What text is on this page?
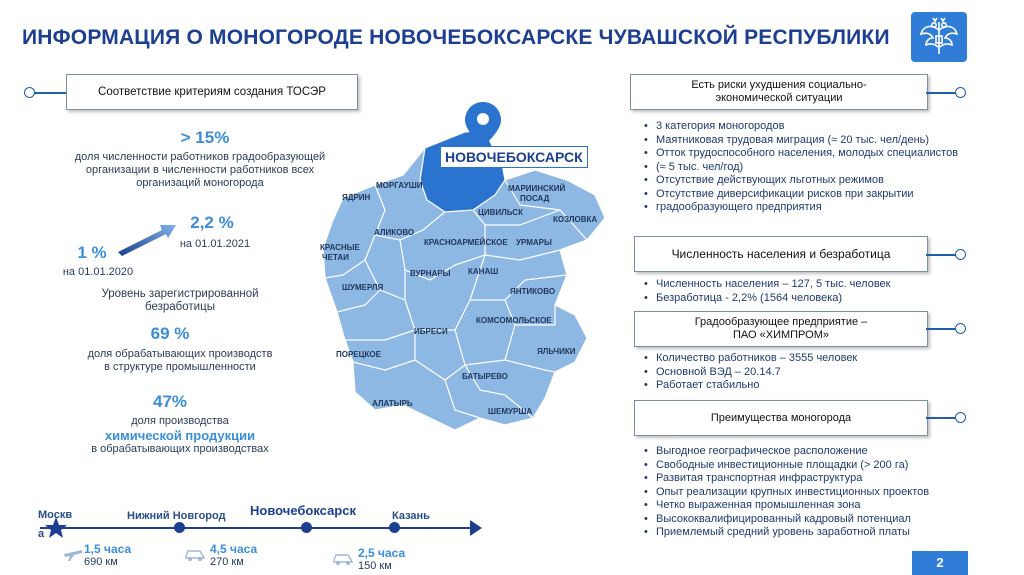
ИНФОРМАЦИЯ О МОНОГОРОДЕ НОВОЧЕБОКСАРСКЕ ЧУВАШСКОЙ РЕСПУБЛИКИ
Соответствие критериям создания ТОСЭР
> 15%
доля численности работников градообразующей
организации в численности работников всех
организаций моногорода
2,2 %
на 01.01.2021
1 %
на 01.01.2020
Уровень зарегистрированной
безработицы
69 %
доля обрабатывающих производств
в структуре промышленности
47%
доля производства
химической продукции
в обрабатывающих производствах
НОВОЧЕБОКСАРСК
МОРГАУШИ	МАРИИНСКИЙ
ПОСАД
ЯДРИН
ЦИВИЛЬСК
КОЗЛОВКА
АЛИКОВО
КРАСНОАРМЕЙСКОЕ УРМАРЫ
КРАСНЫЕ
ЧЕТАИ
ВУРНАРЫ КАНАШ
ШУМЕРЛЯ	ЯНТИКОВО
КОМСОМОЛЬСКОЕ
ИБРЕСИ
ПОРЕЦКОЕ	ЯЛЬЧИКИ
БАТЫРЕВО
АЛАТЫРЬ
ШЕМУРША
Есть риски ухудшения социально-
экономической ситуации
• 3 категория моногородов
• Маятниковая трудовая миграция (≈ 20 тыс. чел/день)
• Отток трудоспособного населения, молодых специалистов
• (≈ 5 тыс. чел/год)
• Отсутствие действующих льготных режимов
• Отсутствие диверсификации рисков при закрытии
• градообразующего предприятия
Численность населения и безработица
• Численность населения – 127, 5 тыс. человек
• Безработица - 2,2% (1564 человека)
Градообразующее предприятие –
ПАО «ХИМПРОМ»
• Количество работников – 3555 человек
• Основной ВЭД – 20.14.7
• Работает стабильно
Преимущества моногорода
• Выгодное географическое расположение
• Свободные инвестиционные площадки (> 200 га)
• Развитая транспортная инфраструктура
• Опыт реализации крупных инвестиционных проектов
• Четко выраженная промышленная зона
• Высококвалифицированный кадровый потенциал
• Приемлемый средний уровень заработной платы
Москв
а
Нижний Новгород Новочебоксарск	Казань
1,5 часа
690 км
4,5 часа
270 км
2,5 часа
150 км	2
